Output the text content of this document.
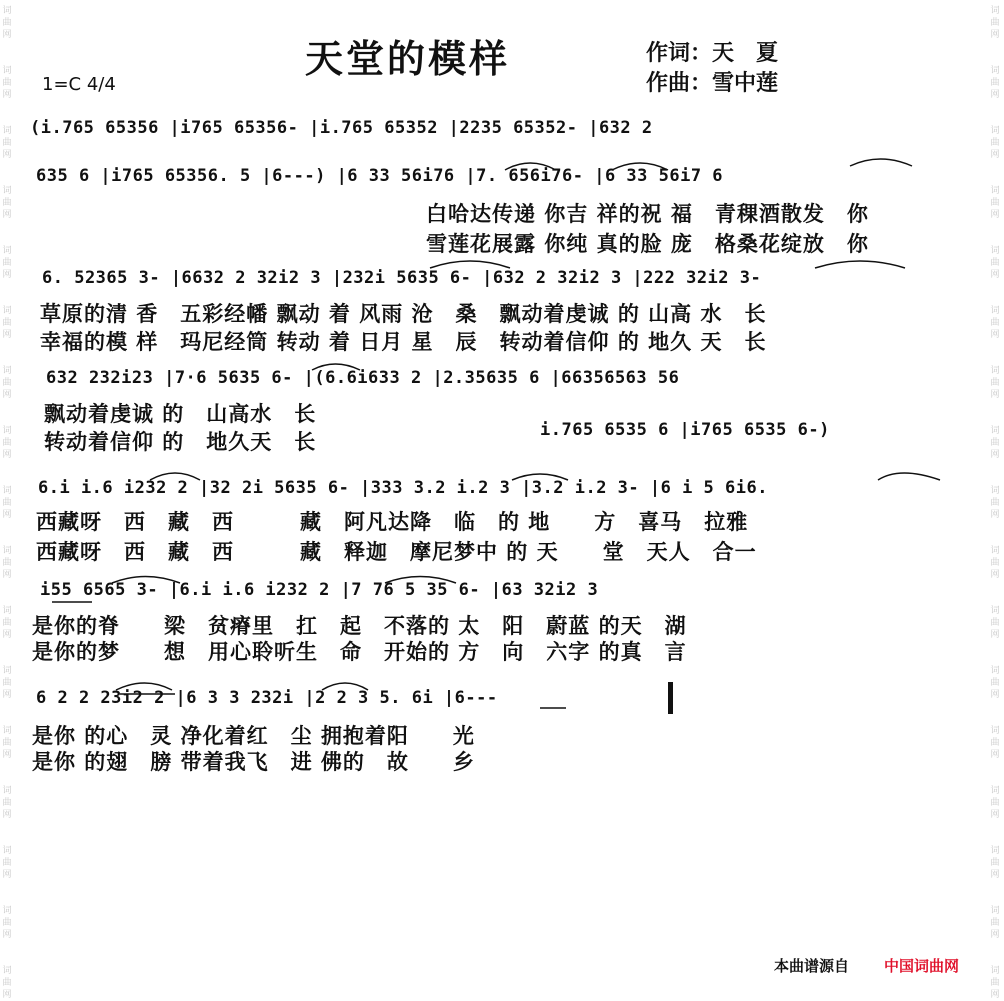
词
曲
网
词
曲
网
词
曲
网
词
曲
网
词
曲
网
词
曲
网
词
曲
网
词
曲
网
词
曲
网
词
曲
网
词
曲
网
词
曲
网
词
曲
网
词
曲
网
词
曲
网
词
曲
网
词
曲
网
词
曲
网
词
曲
网
词
曲
网
词
曲
网
词
曲
网
词
曲
网
词
曲
网
词
曲
网
词
曲
网
词
曲
网
词
曲
网
词
曲
网
词
曲
网
词
曲
网
词
曲
网
词
曲
网
词
曲
网
天堂的模样	作词：天　夏
作曲：雪中莲
1=C 4/4
(i.765 65356 |i765 65356- |i.765 65352 |2235 65352- |632 2
635 6 |i765 65356. 5 |6---) |6 33 56i76 |7. 656i76- |6 33 56i7 6
白哈达传递 你吉 祥的祝 福　青稞酒散发　你
雪莲花展露 你纯 真的脸 庞　格桑花绽放　你
6. 52365 3- |6632 2 32i2 3 |232i 5635 6- |632 2 32i2 3 |222 32i2 3-
草原的清 香　五彩经幡 飘动 着 风雨 沧　桑　飘动着虔诚 的 山高 水　长
幸福的模 样　玛尼经筒 转动 着 日月 星　辰　转动着信仰 的 地久 天　长
632 232i23 |7·6 5635 6- |(6.6i633 2 |2.35635 6 |66356563 56
飘动着虔诚 的　山高水　长
转动着信仰 的　地久天　长	i.765 6535 6 |i765 6535 6-)
6.i i.6 i232 2 |32 2i 5635 6- |333 3.2 i.2 3 |3.2 i.2 3- |6 i 5 6i6.
西藏呀　西　藏　西　　　藏　阿凡达降　临　的 地　　方　喜马　拉雅
西藏呀　西　藏　西　　　藏　释迦　摩尼梦中 的 天　　堂　天人　合一
i55 6565 3- |6.i i.6 i232 2 |7 76 5 35 6- |63 32i2 3
是你的脊　　梁　贫瘠里　扛　起　不落的 太　阳　蔚蓝 的天　湖
是你的梦　　想　用心聆听生　命　开始的 方　向　六字 的真　言
6 2 2 23i2 2 |6 3 3 232i |2 2 3 5. 6i |6---
是你 的心　灵 净化着红　尘 拥抱着阳　　光
是你 的翅　膀 带着我飞　进 佛的　故　　乡
本曲谱源自 中国词曲网
